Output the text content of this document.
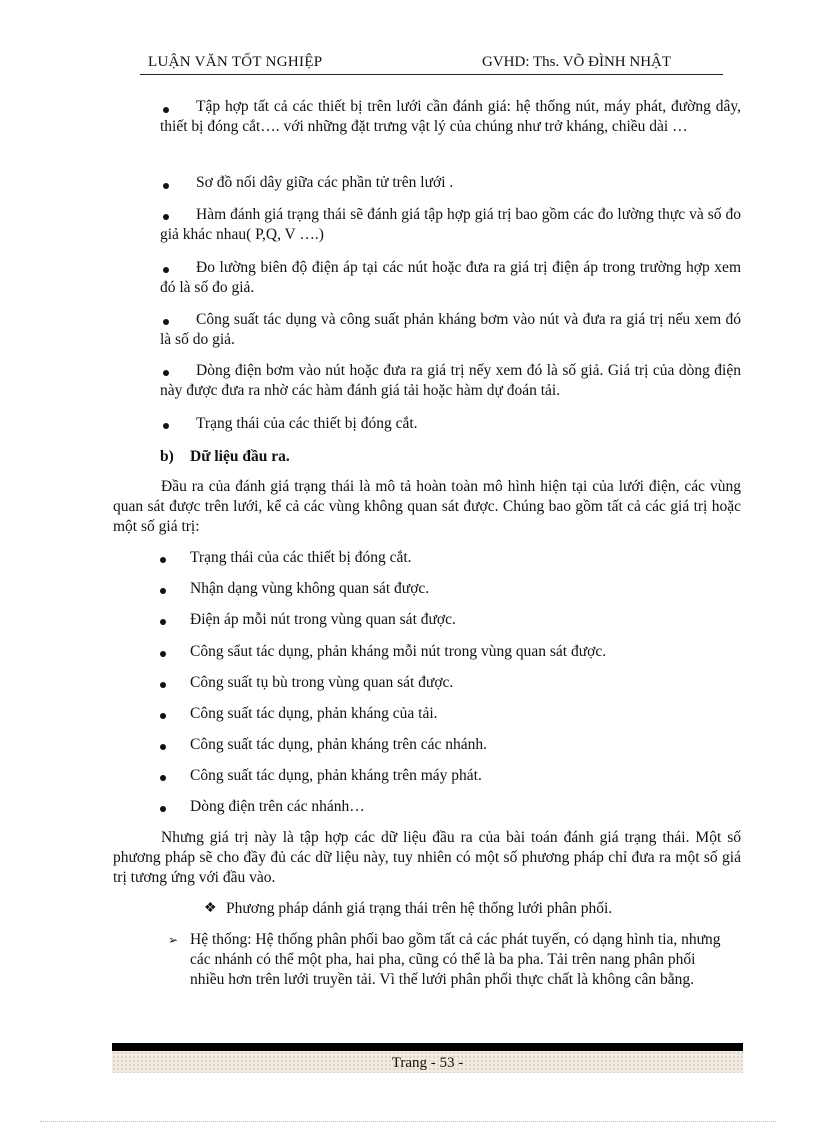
LUẬN VĂN TỐT NGHIỆP	GVHD: Ths. VÕ ĐÌNH NHẬT
Tập hợp tất cả các thiết bị trên lưới cần đánh giá: hệ thống nút, máy phát, đường dây, thiết bị đóng cắt…. với những đặt trưng vật lý của chúng như trở kháng, chiều dài …
Sơ đồ nối dây giữa các phần tử trên lưới .
Hàm đánh giá trạng thái sẽ đánh giá tập hợp giá trị bao gồm các đo lường thực và số đo giả khác nhau( P,Q, V ….)
Đo lường biên độ điện áp tại các nút hoặc đưa ra giá trị điện áp trong trường hợp xem đó là số đo giả.
Công suất tác dụng và công suất phản kháng bơm vào nút và đưa ra giá trị nếu xem đó là số do giả.
Dòng điện bơm vào nút hoặc đưa ra giá trị nếy xem đó là số giả. Giá trị của dòng điện này được đưa ra nhờ các hàm đánh giá tải hoặc hàm dự đoán tải.
Trạng thái của các thiết bị đóng cắt.
b) Dữ liệu đầu ra.
Đầu ra của đánh giá trạng thái là mô tả hoàn toàn mô hình hiện tại của lưới điện, các vùng quan sát được trên lưới, kể cả các vùng không quan sát được. Chúng bao gồm tất cả các giá trị hoặc một số giá trị:
Trạng thái của các thiết bị đóng cắt.
Nhận dạng vùng không quan sát được.
Điện áp mỗi nút trong vùng quan sát được.
Công sẩut tác dụng, phản kháng mỗi nút trong vùng quan sát được.
Công suất tụ bù trong vùng quan sát được.
Công suất tác dụng, phản kháng của tải.
Công suất tác dụng, phản kháng trên các nhánh.
Công suất tác dụng, phản kháng trên máy phát.
Dòng điện trên các nhánh…
Nhưng giá trị này là tập hợp các dữ liệu đầu ra của bài toán đánh giá trạng thái. Một số phương pháp sẽ cho đầy đủ các dữ liệu này, tuy nhiên có một số phương pháp chỉ đưa ra một số giá trị tương ứng với đầu vào.
❖ Phương pháp dánh giá trạng thái trên hệ thống lưới phân phối.
➢ Hệ thống: Hệ thống phân phối bao gồm tất cả các phát tuyến, có dạng hình tia, nhưng các nhánh có thể một pha, hai pha, cũng có thể là ba pha. Tải trên nang phân phối nhiều hơn trên lưới truyền tải. Vì thế lưới phân phối thực chất là không cân bằng.
Trang - 53 -
